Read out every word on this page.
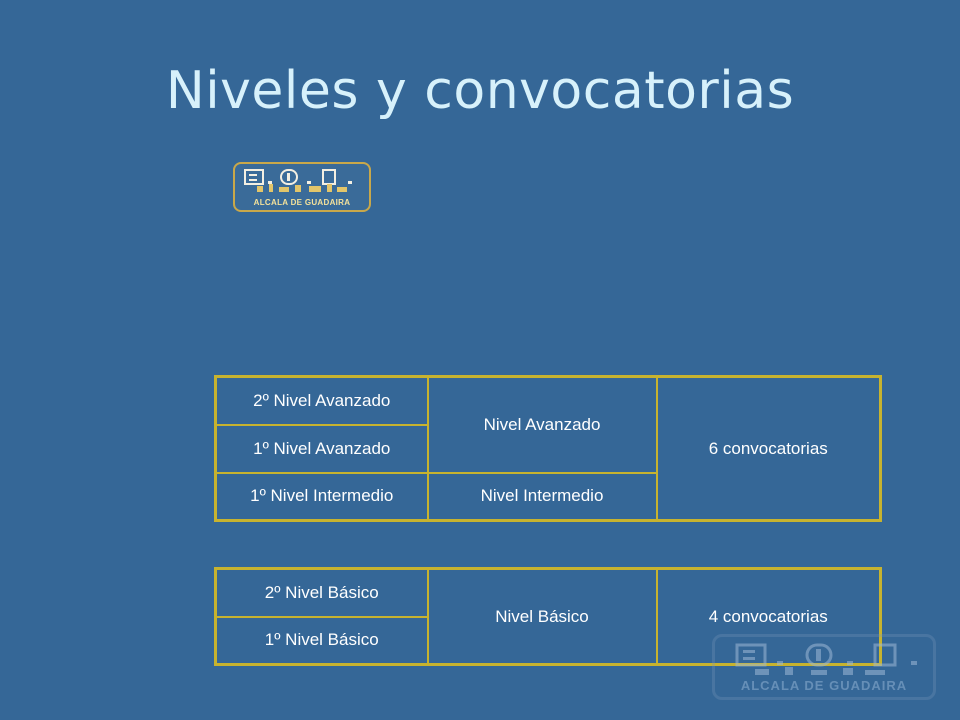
Niveles y convocatorias
ALCALA DE GUADAIRA
2º Nivel Avanzado	Nivel Avanzado	6 convocatorias
1º Nivel Avanzado		
1º Nivel Intermedio	Nivel Intermedio	
2º Nivel Básico	Nivel Básico	4 convocatorias
1º Nivel Básico
ALCALA DE GUADAIRA
